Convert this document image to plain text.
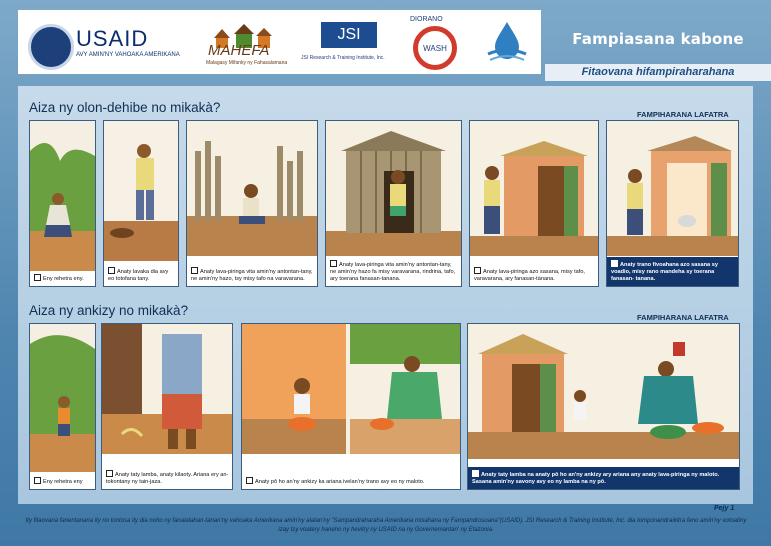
USAID
AVY AMIN'NY VAHOAKA AMERIKANA MAHEFA
Malagasy Mifanky ny Fahasalamana
JSI
JSI Research & Training Institute, Inc.
DIORANO
WASH	Fampiasana kabone
Fitaovana hifampiraharahana
Aiza ny olon-dehibe no mikakà?	FAMPIHARANA LAFATRA
Eny rehetra eny.
Anaty lavaka dia avy eo totofana tany.
Anaty lava-piringa vita amin'ny antontan-tany, ne amin'ny hazo, tsy misy tafo na varavarana.
Anaty lava-piringa vita amin'ny antontan-tany, ne amin'ny hazo fa misy varavarana, rindrina, tafo, ary toerana fanasan-tanana.
Anaty lava-piringa azo sasana, misy tafo, varavarana, ary fanasan-tànana.
Anaty trano fivoahana azo sasana sy voadio, misy rano mandeha sy toerana fanasan- tanana.
Aiza ny ankizy no mikakà?	FAMPIHARANA LAFATRA
Eny rehetra eny
Anaty taty lamba, anaty kilaoty. Ariana ery an-tokontany ny tain-jaza.	Anaty pô ho an'ny ankizy ka ariana ivelan'ny trano avy eo ny maloto.
Anaty taty lamba na anaty pô ho an'ny ankizy ary ariana any anaty lava-piringa ny maloto. Sasana amin'ny savony avy eo ny lamba na ny pô.
Pejy 1
Ity fitaovana fanentanana ity no tontosa ity dia noho ny fanalalahan-tanan'ny vahoaka Amerikana amin'ny alalan'ny "Sampandraharaha Amerikana misahana ny Fampandrosoana"(USAID). JSI Research & Training Institute, Inc. dia tomponandraikitra feno amin'ny votoatiny izay tsy voatery haneho ny hevitry ny USAID na ny Governemantan' ny Etazonia.
